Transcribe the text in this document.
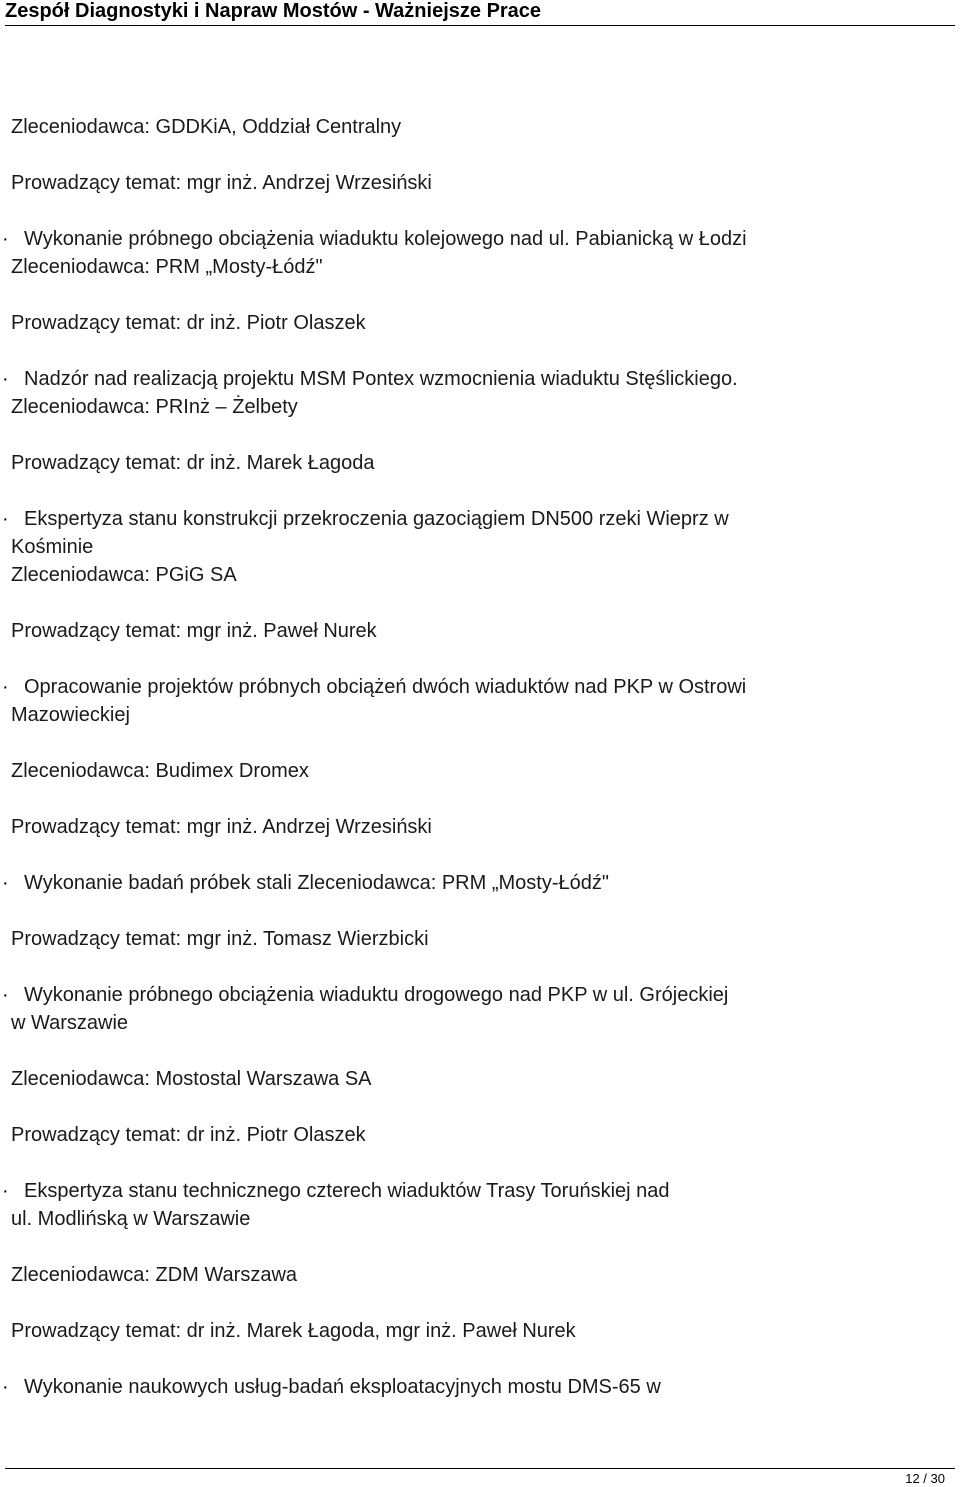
Zespół Diagnostyki i Napraw Mostów - Ważniejsze Prace
Zleceniodawca: GDDKiA, Oddział Centralny
Prowadzący temat: mgr inż. Andrzej Wrzesiński
· Wykonanie próbnego obciążenia wiaduktu kolejowego nad ul. Pabianicką w Łodzi
Zleceniodawca: PRM „Mosty-Łódź"
Prowadzący temat: dr inż. Piotr Olaszek
· Nadzór nad realizacją projektu MSM Pontex wzmocnienia wiaduktu Stęślickiego.
Zleceniodawca: PRInż – Żelbety
Prowadzący temat: dr inż. Marek Łagoda
· Ekspertyza stanu konstrukcji przekroczenia gazociągiem DN500 rzeki Wieprz w
Kośminie
Zleceniodawca: PGiG SA
Prowadzący temat: mgr inż. Paweł Nurek
· Opracowanie projektów próbnych obciążeń dwóch wiaduktów nad PKP w Ostrowi
Mazowieckiej
Zleceniodawca: Budimex Dromex
Prowadzący temat: mgr inż. Andrzej Wrzesiński
· Wykonanie badań próbek stali Zleceniodawca: PRM „Mosty-Łódź"
Prowadzący temat: mgr inż. Tomasz Wierzbicki
· Wykonanie próbnego obciążenia wiaduktu drogowego nad PKP w ul. Grójeckiej
w Warszawie
Zleceniodawca: Mostostal Warszawa SA
Prowadzący temat: dr inż. Piotr Olaszek
· Ekspertyza stanu technicznego czterech wiaduktów Trasy Toruńskiej nad
ul. Modlińską w Warszawie
Zleceniodawca: ZDM Warszawa
Prowadzący temat: dr inż. Marek Łagoda, mgr inż. Paweł Nurek
· Wykonanie naukowych usług-badań eksploatacyjnych mostu DMS-65 w
12 / 30
